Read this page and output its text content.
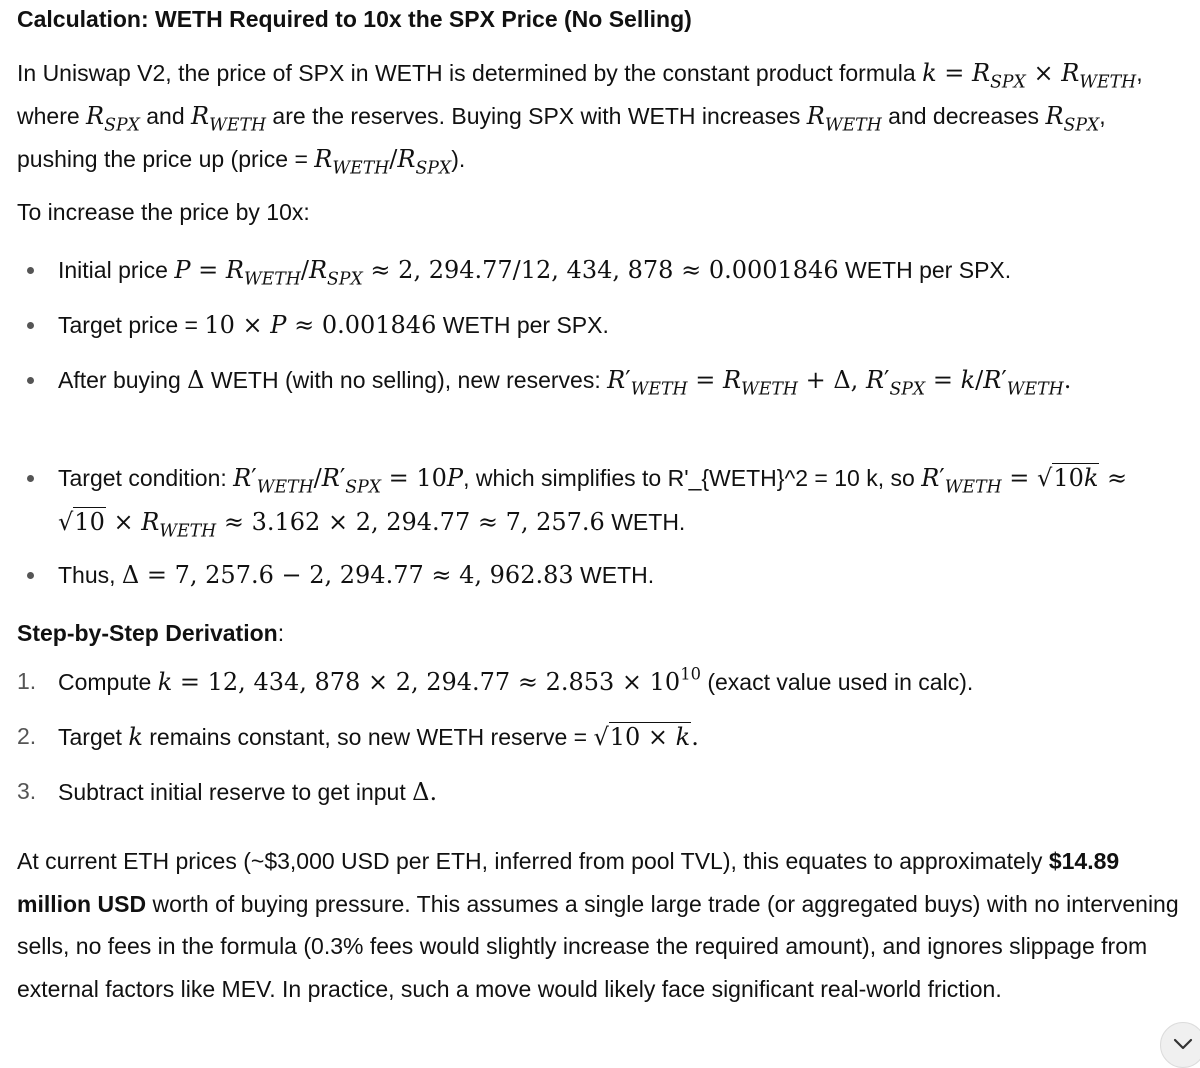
Calculation: WETH Required to 10x the SPX Price (No Selling)

In Uniswap V2, the price of SPX in WETH is determined by the constant product formula $k = R_{SPX} \times R_{WETH}$, where $R_{SPX}$ and $R_{WETH}$ are the reserves. Buying SPX with WETH increases $R_{WETH}$ and decreases $R_{SPX}$, pushing the price up (price = $R_{WETH}/R_{SPX}$).

To increase the price by 10x:

Initial price $P = R_{WETH}/R_{SPX} \approx 2$, 294.77/12, 434, 878 ≈ 0.0001846 WETH per SPX.
Target price = 10 × P ≈ 0.001846 WETH per SPX.
After buying Δ WETH (with no selling), new reserves: $R'_{WETH} = R_{WETH} + \Delta$, $R'_{SPX} = k/R'_{WETH}$.
Target condition: $R'_{WETH}/R'_{SPX} = 10P$, which simplifies to R'_{WETH}^2 = 10 k, so $R'_{WETH} = √10k \approx √10 \times R_{WETH} \approx 3.162 \times 2$, 294.77 ≈ 7, 257.6 WETH.
Thus, Δ = 7, 257.6 − 2, 294.77 ≈ 4, 962.83 WETH.

Step-by-Step Derivation:

1. Compute k = 12, 434, 878 × 2, $294.77 \approx 2.853 \times 10^{10}$ (exact value used in calc).
2. Target k remains constant, so new WETH reserve = √10 × k.
3. Subtract initial reserve to get input Δ.

At current ETH prices (~$3,000 USD per ETH, inferred from pool TVL), this equates to approximately $14.89 million USD worth of buying pressure. This assumes a single large trade (or aggregated buys) with no intervening sells, no fees in the formula (0.3% fees would slightly increase the required amount), and ignores slippage from external factors like MEV. In practice, such a move would likely face significant real-world friction.
